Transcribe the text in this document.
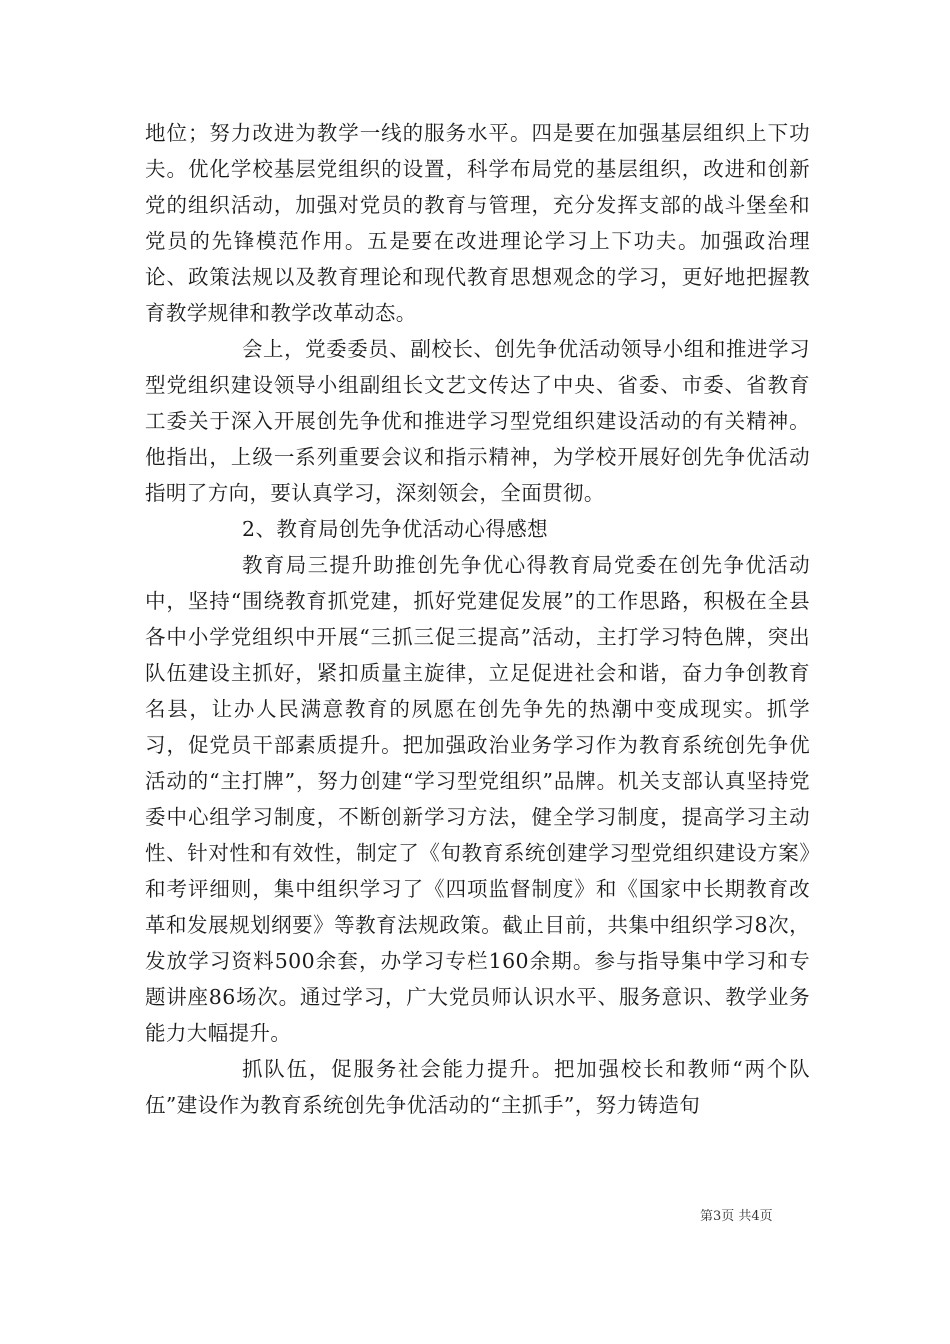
地位；努力改进为教学一线的服务水平。四是要在加强基层组织上下功夫。优化学校基层党组织的设置，科学布局党的基层组织，改进和创新党的组织活动，加强对党员的教育与管理，充分发挥支部的战斗堡垒和党员的先锋模范作用。五是要在改进理论学习上下功夫。加强政治理论、政策法规以及教育理论和现代教育思想观念的学习，更好地把握教育教学规律和教学改革动态。

会上，党委委员、副校长、创先争优活动领导小组和推进学习型党组织建设领导小组副组长文艺文传达了中央、省委、市委、省教育工委关于深入开展创先争优和推进学习型党组织建设活动的有关精神。他指出，上级一系列重要会议和指示精神，为学校开展好创先争优活动指明了方向，要认真学习，深刻领会，全面贯彻。

2、教育局创先争优活动心得感想

教育局三提升助推创先争优心得教育局党委在创先争优活动中，坚持“围绕教育抓党建，抓好党建促发展”的工作思路，积极在全县各中小学党组织中开展“三抓三促三提高”活动，主打学习特色牌，突出队伍建设主抓好，紧扣质量主旋律，立足促进社会和谐，奋力争创教育名县，让办人民满意教育的夙愿在创先争先的热潮中变成现实。抓学习，促党员干部素质提升。把加强政治业务学习作为教育系统创先争优活动的“主打牌”，努力创建“学习型党组织”品牌。机关支部认真坚持党委中心组学习制度，不断创新学习方法，健全学习制度，提高学习主动性、针对性和有效性，制定了《旬教育系统创建学习型党组织建设方案》和考评细则，集中组织学习了《四项监督制度》和《国家中长期教育改革和发展规划纲要》等教育法规政策。截止目前，共集中组织学习8次，发放学习资料500余套，办学习专栏160余期。参与指导集中学习和专题讲座86场次。通过学习，广大党员师认识水平、服务意识、教学业务能力大幅提升。

抓队伍，促服务社会能力提升。把加强校长和教师“两个队伍”建设作为教育系统创先争优活动的“主抓手”，努力铸造旬

第3页 共4页
